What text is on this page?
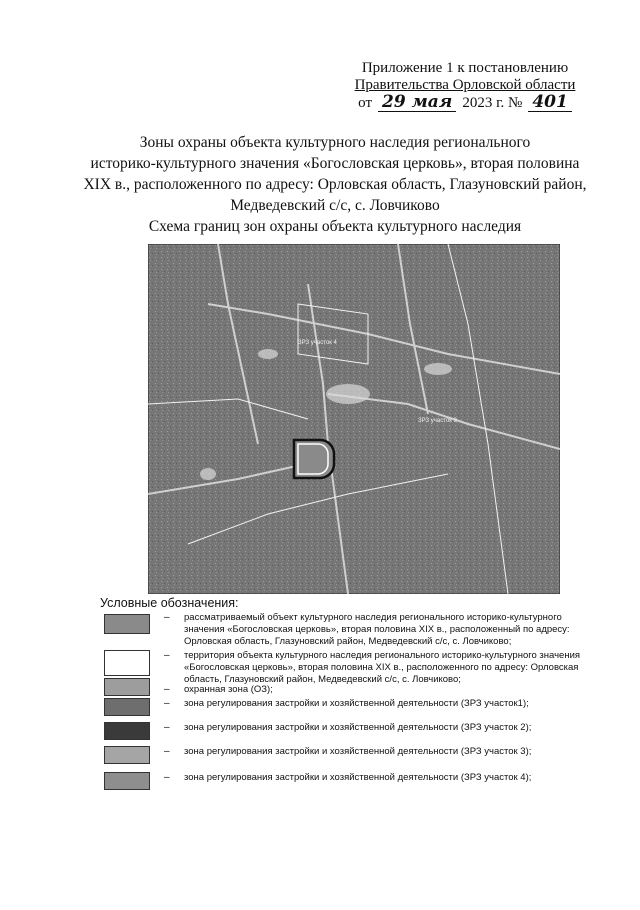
Приложение 1 к постановлению
Правительства Орловской области
от 29 мая 2023 г. № 401
Зоны охраны объекта культурного наследия регионального
историко-культурного значения «Богословская церковь», вторая половина
XIX в., расположенного по адресу: Орловская область, Глазуновский район,
Медведевский с/с, с. Ловчиково
Схема границ зон охраны объекта культурного наследия
ЗРЗ участок 4
ЗРЗ участок 3
Условные обозначения:
– рассматриваемый объект культурного наследия регионального историко-культурного значения «Богословская церковь», вторая половина XIX в., расположенный по адресу: Орловская область, Глазуновский район, Медведевский с/с, с. Ловчиково;
– территория объекта культурного наследия регионального историко-культурного значения «Богословская церковь», вторая половина XIX в., расположенного по адресу: Орловская область, Глазуновский район, Медведевский с/с, с. Ловчиково;
– охранная зона (ОЗ);
– зона регулирования застройки и хозяйственной деятельности (ЗРЗ участок1);
– зона регулирования застройки и хозяйственной деятельности (ЗРЗ участок 2);
– зона регулирования застройки и хозяйственной деятельности (ЗРЗ участок 3);
– зона регулирования застройки и хозяйственной деятельности (ЗРЗ участок 4);
